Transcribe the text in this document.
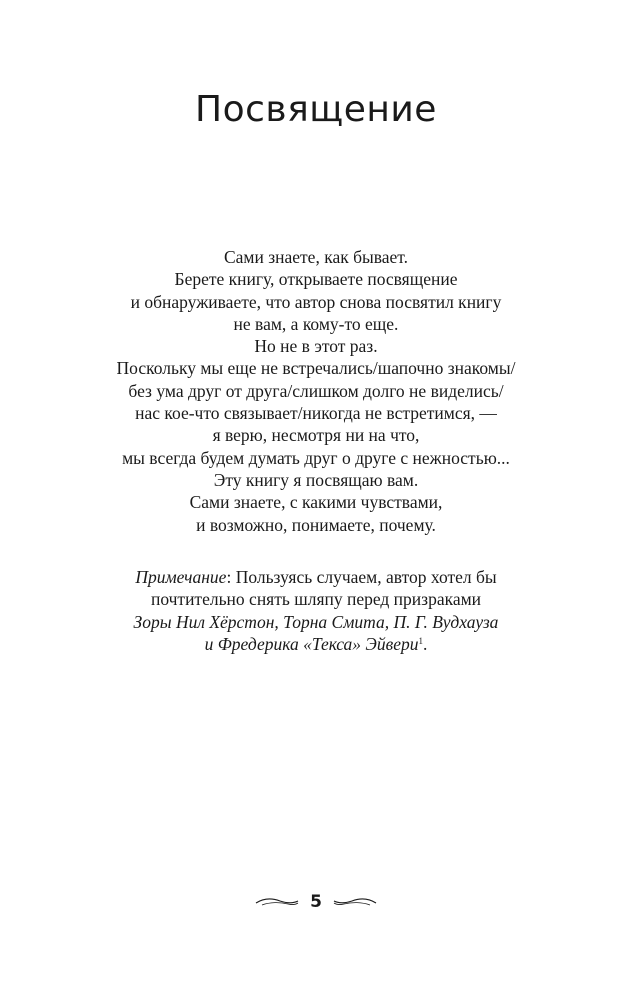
Посвящение
Сами знаете, как бывает.
Берете книгу, открываете посвящение
и обнаруживаете, что автор снова посвятил книгу
не вам, а кому-то еще.
Но не в этот раз.
Поскольку мы еще не встречались/шапочно знакомы/
без ума друг от друга/слишком долго не виделись/
нас кое-что связывает/никогда не встретимся, —
я верю, несмотря ни на что,
мы всегда будем думать друг о друге с нежностью...
Эту книгу я посвящаю вам.
Сами знаете, с какими чувствами,
и возможно, понимаете, почему.
Примечание: Пользуясь случаем, автор хотел бы
почтительно снять шляпу перед призраками
Зоры Нил Хёрстон, Торна Смита, П. Г. Вудхауза
и Фредерика «Текса» Эйвери$^1$.
5
